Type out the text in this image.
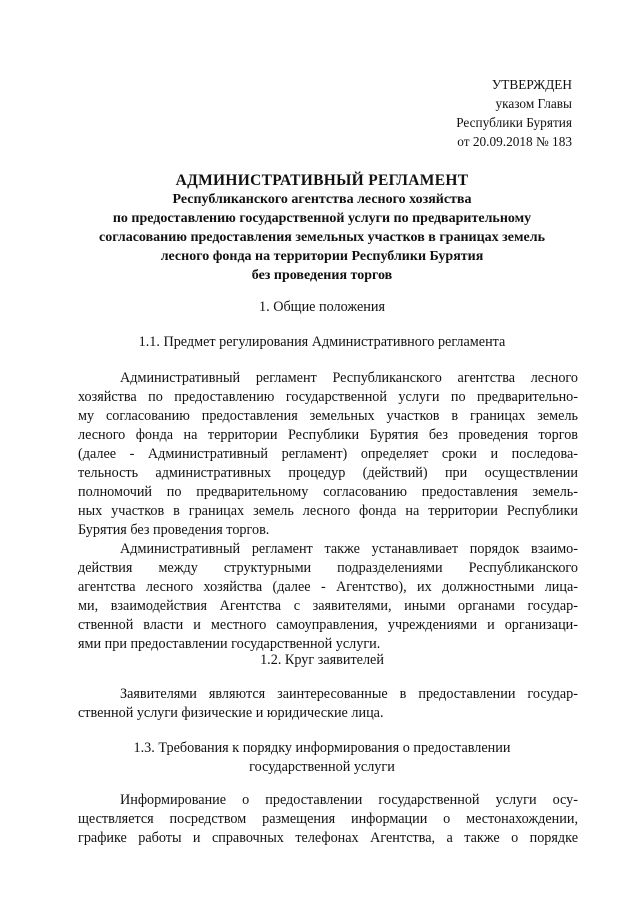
УТВЕРЖДЕН
указом Главы
Республики Бурятия
от 20.09.2018 № 183
АДМИНИСТРАТИВНЫЙ РЕГЛАМЕНТ
Республиканского агентства лесного хозяйства
по предоставлению государственной услуги по предварительному
согласованию предоставления земельных участков в границах земель
лесного фонда на территории Республики Бурятия
без проведения торгов
1. Общие положения
1.1. Предмет регулирования Административного регламента
Административный регламент Республиканского агентства лесного
хозяйства по предоставлению государственной услуги по предварительно-
му согласованию предоставления земельных участков в границах земель
лесного фонда на территории Республики Бурятия без проведения торгов
(далее - Административный регламент) определяет сроки и последова-
тельность административных процедур (действий) при осуществлении
полномочий по предварительному согласованию предоставления земель-
ных участков в границах земель лесного фонда на территории Республики
Бурятия без проведения торгов.
Административный регламент также устанавливает порядок взаимо-
действия между структурными подразделениями Республиканского
агентства лесного хозяйства (далее - Агентство), их должностными лица-
ми, взаимодействия Агентства с заявителями, иными органами государ-
ственной власти и местного самоуправления, учреждениями и организаци-
ями при предоставлении государственной услуги.
1.2. Круг заявителей
Заявителями являются заинтересованные в предоставлении государ-
ственной услуги физические и юридические лица.
1.3. Требования к порядку информирования о предоставлении
государственной услуги
Информирование о предоставлении государственной услуги осу-
ществляется посредством размещения информации о местонахождении,
графике работы и справочных телефонах Агентства, а также о порядке
